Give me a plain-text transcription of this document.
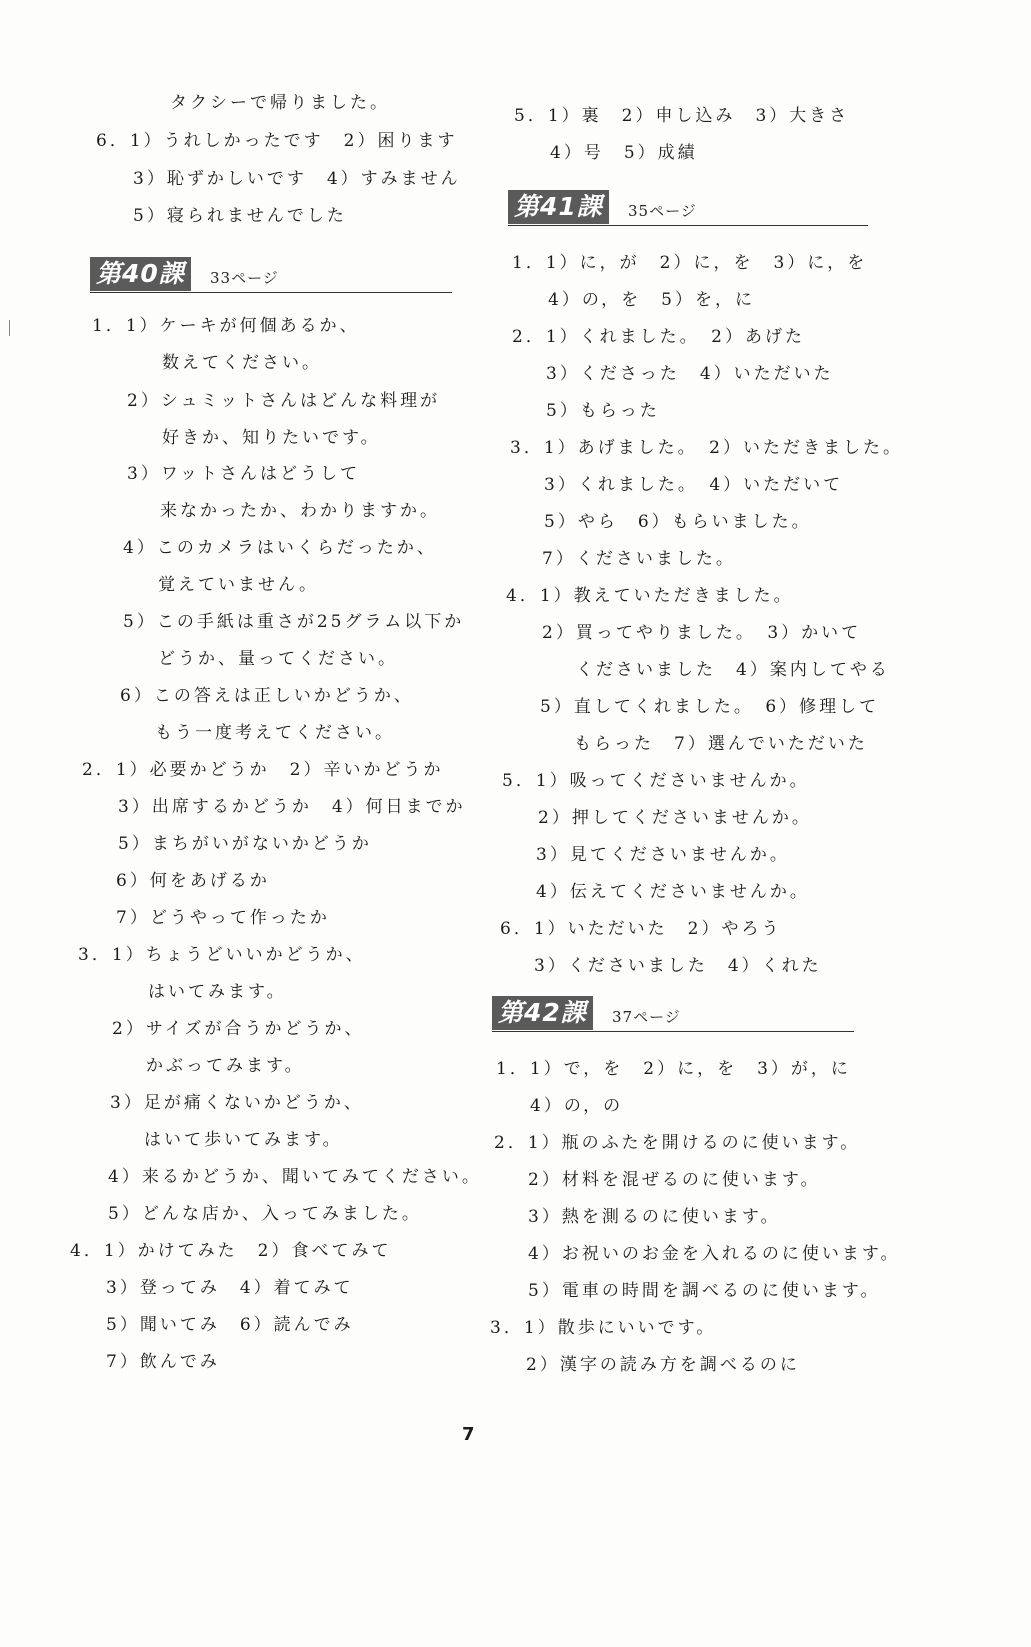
タクシーで帰りました。
6．1）うれしかったです　2）困ります
3）恥ずかしいです　4）すみません
5）寝られませんでした
第40課	33ページ
1．1）ケーキが何個あるか、
数えてください。
2）シュミットさんはどんな料理が
好きか、知りたいです。
3）ワットさんはどうして
来なかったか、わかりますか。
4）このカメラはいくらだったか、
覚えていません。
5）この手紙は重さが25グラム以下か
どうか、量ってください。
6）この答えは正しいかどうか、
もう一度考えてください。
2．1）必要かどうか　2）辛いかどうか
3）出席するかどうか　4）何日までか
5）まちがいがないかどうか
6）何をあげるか
7）どうやって作ったか
3．1）ちょうどいいかどうか、
はいてみます。
2）サイズが合うかどうか、
かぶってみます。
3）足が痛くないかどうか、
はいて歩いてみます。
4）来るかどうか、聞いてみてください。
5）どんな店か、入ってみました。
4．1）かけてみた　2）食べてみて
3）登ってみ　4）着てみて
5）聞いてみ　6）読んでみ
7）飲んでみ
5．1）裏　2）申し込み　3）大きさ
4）号　5）成績
第41課	35ページ
1．1）に，が　2）に，を　3）に，を
4）の，を　5）を，に
2．1）くれました。　2）あげた
3）くださった　4）いただいた
5）もらった
3．1）あげました。　2）いただきました。
3）くれました。　4）いただいて
5）やら　6）もらいました。
7）くださいました。
4．1）教えていただきました。
2）買ってやりました。　3）かいて
くださいました　4）案内してやる
5）直してくれました。　6）修理して
もらった　7）選んでいただいた
5．1）吸ってくださいませんか。
2）押してくださいませんか。
3）見てくださいませんか。
4）伝えてくださいませんか。
6．1）いただいた　2）やろう
3）くださいました　4）くれた
第42課	37ページ
1．1）で，を　2）に，を　3）が，に
4）の，の
2．1）瓶のふたを開けるのに使います。
2）材料を混ぜるのに使います。
3）熱を測るのに使います。
4）お祝いのお金を入れるのに使います。
5）電車の時間を調べるのに使います。
3．1）散歩にいいです。
2）漢字の読み方を調べるのに
7
